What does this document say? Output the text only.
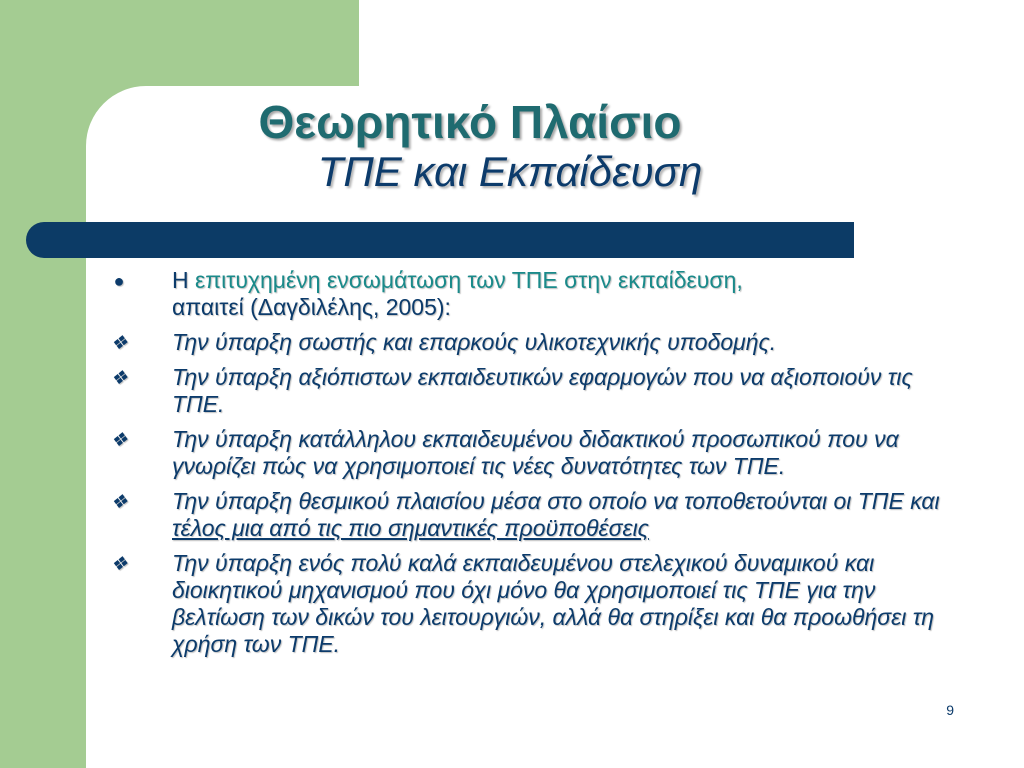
Θεωρητικό Πλαίσιο
ΤΠΕ και Εκπαίδευση
●	Η επιτυχημένη ενσωμάτωση των ΤΠΕ στην εκπαίδευση,
απαιτεί (Δαγδιλέλης, 2005):
❖ Την ύπαρξη σωστής και επαρκούς υλικοτεχνικής υποδομής.
❖ Την ύπαρξη αξιόπιστων εκπαιδευτικών εφαρμογών που να αξιοποιούν τις ΤΠΕ.
❖ Την ύπαρξη κατάλληλου εκπαιδευμένου διδακτικού προσωπικού που να γνωρίζει πώς να χρησιμοποιεί τις νέες δυνατότητες των ΤΠΕ.
❖ Την ύπαρξη θεσμικού πλαισίου μέσα στο οποίο να τοποθετούνται οι ΤΠΕ και τέλος μια από τις πιο σημαντικές προϋποθέσεις
❖ Την ύπαρξη ενός πολύ καλά εκπαιδευμένου στελεχικού δυναμικού και διοικητικού μηχανισμού που όχι μόνο θα χρησιμοποιεί τις ΤΠΕ για την βελτίωση των δικών του λειτουργιών, αλλά θα στηρίξει και θα προωθήσει τη χρήση των ΤΠΕ.
9
